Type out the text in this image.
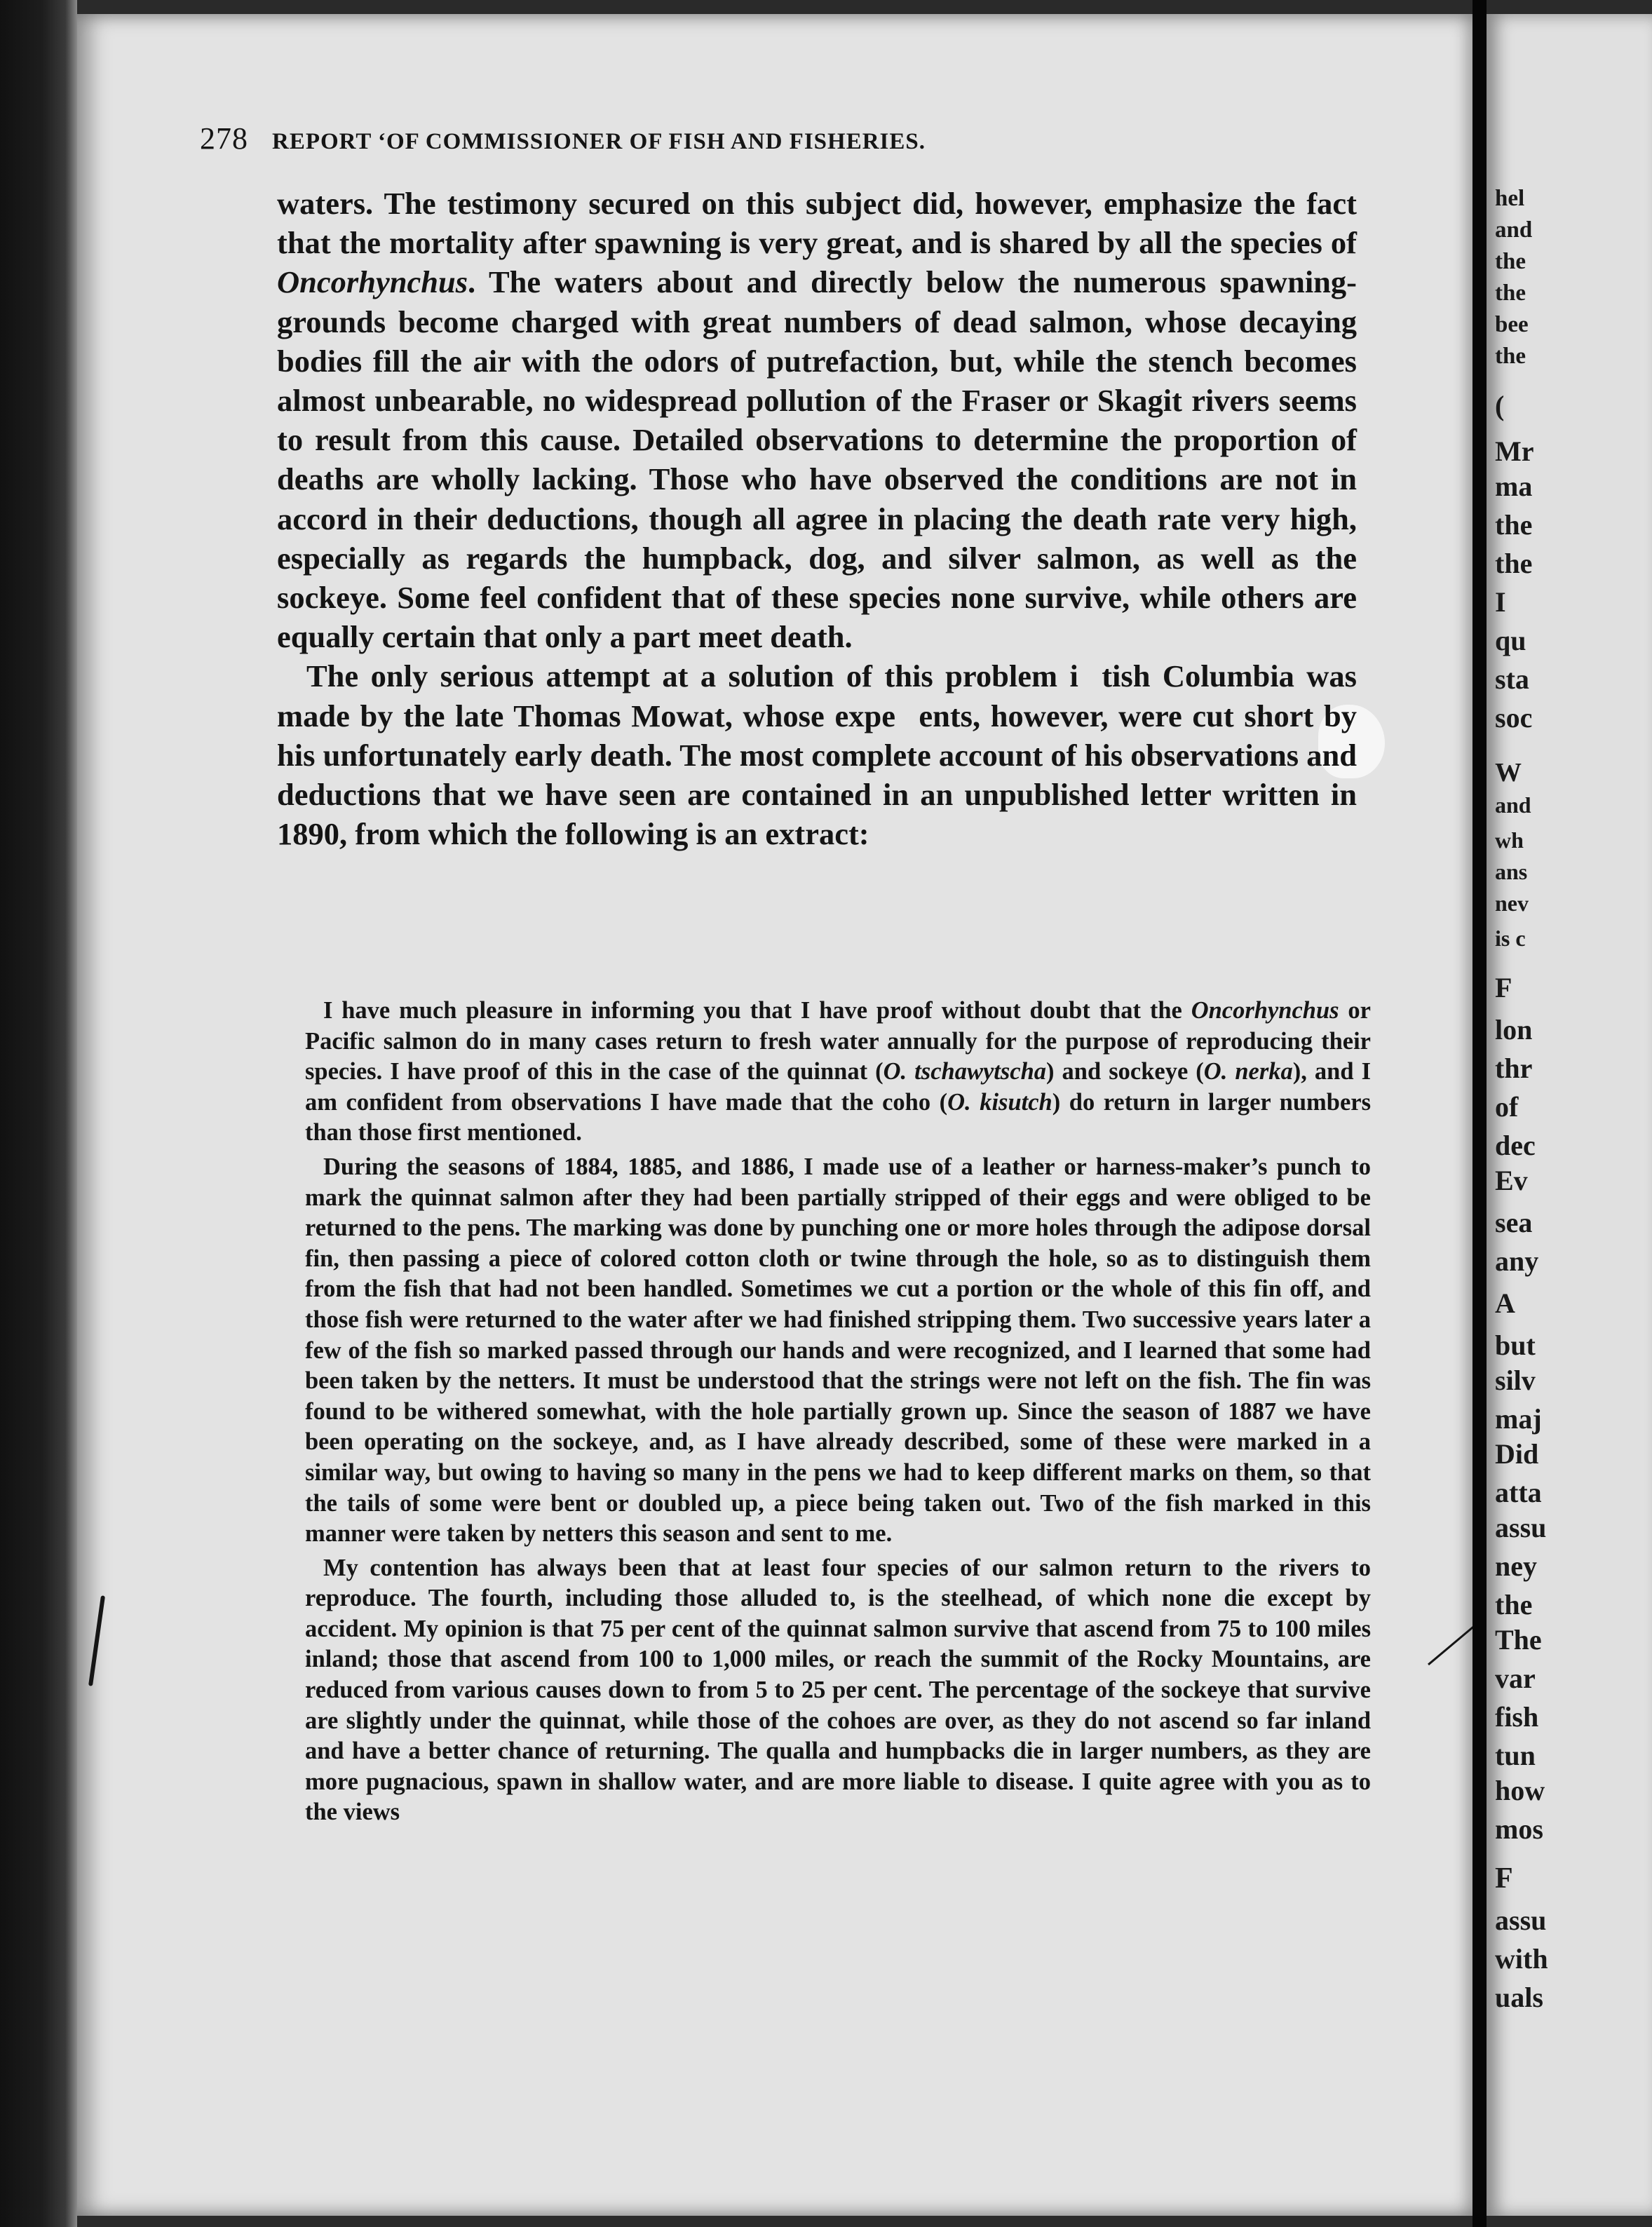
278 REPORT ʻOF COMMISSIONER OF FISH AND FISHERIES.

waters. The testimony secured on this subject did, however, emphasize the fact that the mortality after spawning is very great, and is shared by all the species of Oncorhynchus. The waters about and directly below the numerous spawning-grounds become charged with great numbers of dead salmon, whose decaying bodies fill the air with the odors of putrefaction, but, while the stench becomes almost unbearable, no widespread pollution of the Fraser or Skagit rivers seems to result from this cause. Detailed observations to determine the proportion of deaths are wholly lacking. Those who have observed the conditions are not in accord in their deductions, though all agree in placing the death rate very high, especially as regards the humpback, dog, and silver salmon, as well as the sockeye. Some feel confident that of these species none survive, while others are equally certain that only a part meet death.

The only serious attempt at a solution of this problem i   tish Columbia was made by the late Thomas Mowat, whose expe   ents, however, were cut short by his unfortunately early death. The most complete account of his observations and deductions that we have seen are contained in an unpublished letter written in 1890, from which the following is an extract:

I have much pleasure in informing you that I have proof without doubt that the Oncorhynchus or Pacific salmon do in many cases return to fresh water annually for the purpose of reproducing their species. I have proof of this in the case of the quinnat (O. tschawytscha) and sockeye (O. nerka), and I am confident from observations I have made that the coho (O. kisutch) do return in larger numbers than those first mentioned.

During the seasons of 1884, 1885, and 1886, I made use of a leather or harness-maker’s punch to mark the quinnat salmon after they had been partially stripped of their eggs and were obliged to be returned to the pens. The marking was done by punching one or more holes through the adipose dorsal fin, then passing a piece of colored cotton cloth or twine through the hole, so as to distinguish them from the fish that had not been handled. Sometimes we cut a portion or the whole of this fin off, and those fish were returned to the water after we had finished stripping them. Two successive years later a few of the fish so marked passed through our hands and were recognized, and I learned that some had been taken by the netters. It must be understood that the strings were not left on the fish. The fin was found to be withered somewhat, with the hole partially grown up. Since the season of 1887 we have been operating on the sockeye, and, as I have already described, some of these were marked in a similar way, but owing to having so many in the pens we had to keep different marks on them, so that the tails of some were bent or doubled up, a piece being taken out. Two of the fish marked in this manner were taken by netters this season and sent to me.

My contention has always been that at least four species of our salmon return to the rivers to reproduce. The fourth, including those alluded to, is the steelhead, of which none die except by accident. My opinion is that 75 per cent of the quinnat salmon survive that ascend from 75 to 100 miles inland; those that ascend from 100 to 1,000 miles, or reach the summit of the Rocky Mountains, are reduced from various causes down to from 5 to 25 per cent. The percentage of the sockeye that survive are slightly under the quinnat, while those of the cohoes are over, as they do not ascend so far inland and have a better chance of returning. The qualla and humpbacks die in larger numbers, as they are more pugnacious, spawn in shallow water, and are more liable to disease. I quite agree with you as to the views

hel
and
the
the
bee
the
(
Mr
ma
the
the
I
qu
sta
soc
W
and
wh
ans
nev
is c
F
lon
thr
of
dec
Ev
sea
any
A
but
silv
maj
Did
atta
assu
ney
the
The
var
fish
tun
how
mos
F
assu
with
uals
